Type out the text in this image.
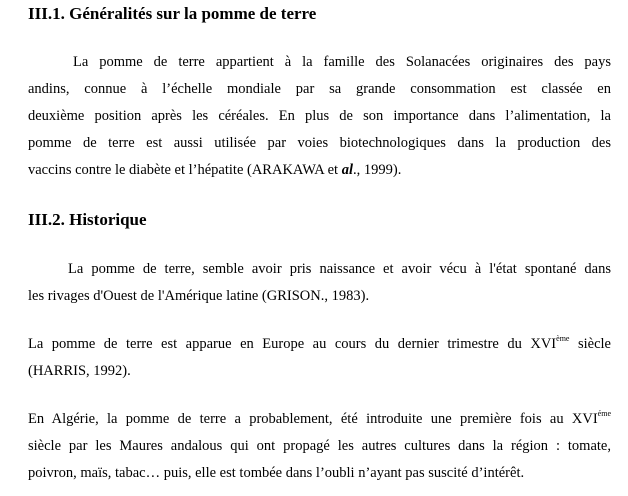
III.1. Généralités sur la pomme de terre
La pomme de terre appartient à la famille des Solanacées originaires des pays
andins, connue à l’échelle mondiale par sa grande consommation est classée en
deuxième position après les céréales. En plus de son importance dans l’alimentation, la
pomme de terre est aussi utilisée par voies biotechnologiques dans la production des
vaccins contre le diabète et l’hépatite (ARAKAWA et al., 1999).
III.2. Historique
La pomme de terre, semble avoir pris naissance et avoir vécu à l'état spontané dans
les rivages d'Ouest de l'Amérique latine (GRISON., 1983).
La pomme de terre est apparue en Europe au cours du dernier trimestre du XVIème siècle
(HARRIS, 1992).
En Algérie, la pomme de terre a probablement, été introduite une première fois au $XVI^{éme}$
siècle par les Maures andalous qui ont propagé les autres cultures dans la région : tomate,
poivron, maïs, tabac… puis, elle est tombée dans l’oubli n’ayant pas suscité d’intérêt.
